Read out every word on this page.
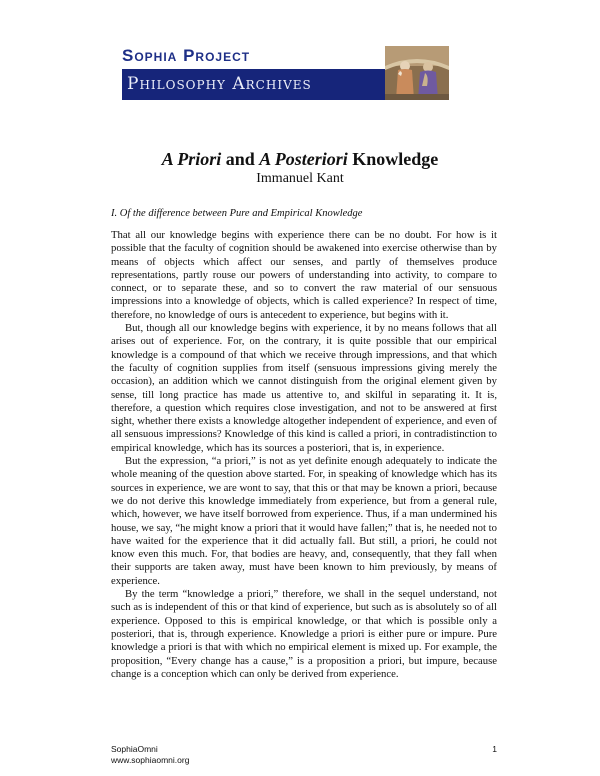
Sophia Project
Philosophy Archives
A Priori and A Posteriori Knowledge
Immanuel Kant
I. Of the difference between Pure and Empirical Knowledge

That all our knowledge begins with experience there can be no doubt. For how is it possible that the faculty of cognition should be awakened into exercise otherwise than by means of objects which affect our senses, and partly of themselves produce representations, partly rouse our powers of understanding into activity, to compare to connect, or to separate these, and so to convert the raw material of our sensuous impressions into a knowledge of objects, which is called experience? In respect of time, therefore, no knowledge of ours is antecedent to experience, but begins with it.

But, though all our knowledge begins with experience, it by no means follows that all arises out of experience. For, on the contrary, it is quite possible that our empirical knowledge is a compound of that which we receive through impressions, and that which the faculty of cognition supplies from itself (sensuous impressions giving merely the occasion), an addition which we cannot distinguish from the original element given by sense, till long practice has made us attentive to, and skilful in separating it. It is, therefore, a question which requires close investigation, and not to be answered at first sight, whether there exists a knowledge altogether independent of experience, and even of all sensuous impressions? Knowledge of this kind is called a priori, in contradistinction to empirical knowledge, which has its sources a posteriori, that is, in experience.

But the expression, “a priori,” is not as yet definite enough adequately to indicate the whole meaning of the question above started. For, in speaking of knowledge which has its sources in experience, we are wont to say, that this or that may be known a priori, because we do not derive this knowledge immediately from experience, but from a general rule, which, however, we have itself borrowed from experience. Thus, if a man undermined his house, we say, “he might know a priori that it would have fallen;” that is, he needed not to have waited for the experience that it did actually fall. But still, a priori, he could not know even this much. For, that bodies are heavy, and, consequently, that they fall when their supports are taken away, must have been known to him previously, by means of experience.

By the term “knowledge a priori,” therefore, we shall in the sequel understand, not such as is independent of this or that kind of experience, but such as is absolutely so of all experience. Opposed to this is empirical knowledge, or that which is possible only a posteriori, that is, through experience. Knowledge a priori is either pure or impure. Pure knowledge a priori is that with which no empirical element is mixed up. For example, the proposition, “Every change has a cause,” is a proposition a priori, but impure, because change is a conception which can only be derived from experience.

SophiaOmni
www.sophiaomni.org
1
